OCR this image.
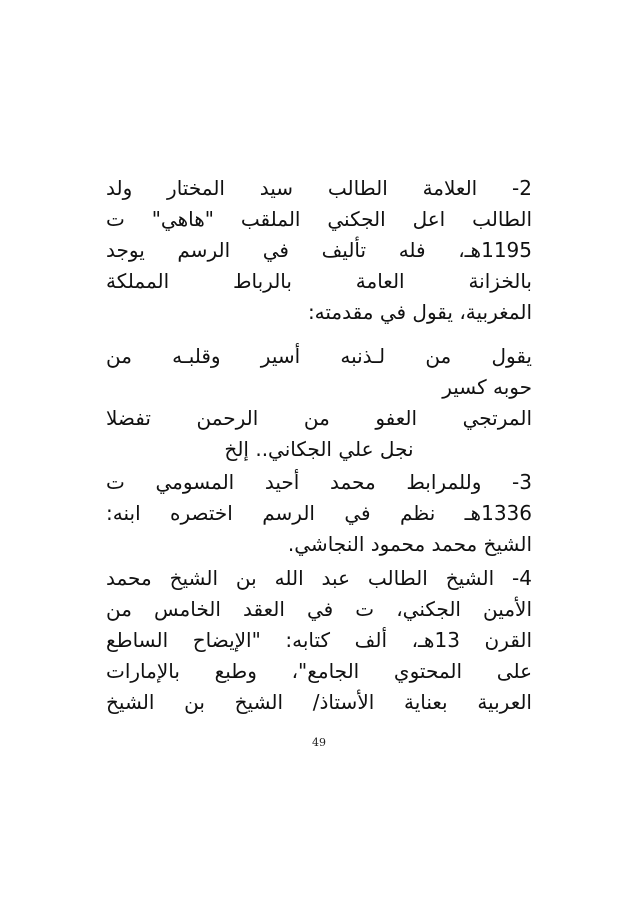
2- العلامة الطالب سيد المختار ولد
الطالب اعل الجكني الملقب "هاهي" ت
1195هـ، فله تأليف في الرسم يوجد
بالخزانة العامة بالرباط المملكة
المغربية، يقول في مقدمته:
يقول من لـذنبه أسير وقلبـه من
حوبه كسير
المرتجي العفو من الرحمن تفضلا
نجل علي الجكاني.. إلخ
3- وللمرابط محمد أحيد المسومي ت
1336هـ نظم في الرسم اختصره ابنه:
الشيخ محمد محمود النجاشي.
4- الشيخ الطالب عبد الله بن الشيخ محمد
الأمين الجكني، ت في العقد الخامس من
القرن 13هـ، ألف كتابه: "الإيضاح الساطع
على المحتوي الجامع"، وطبع بالإمارات
العربية بعناية الأستاذ/ الشيخ بن الشيخ
49
